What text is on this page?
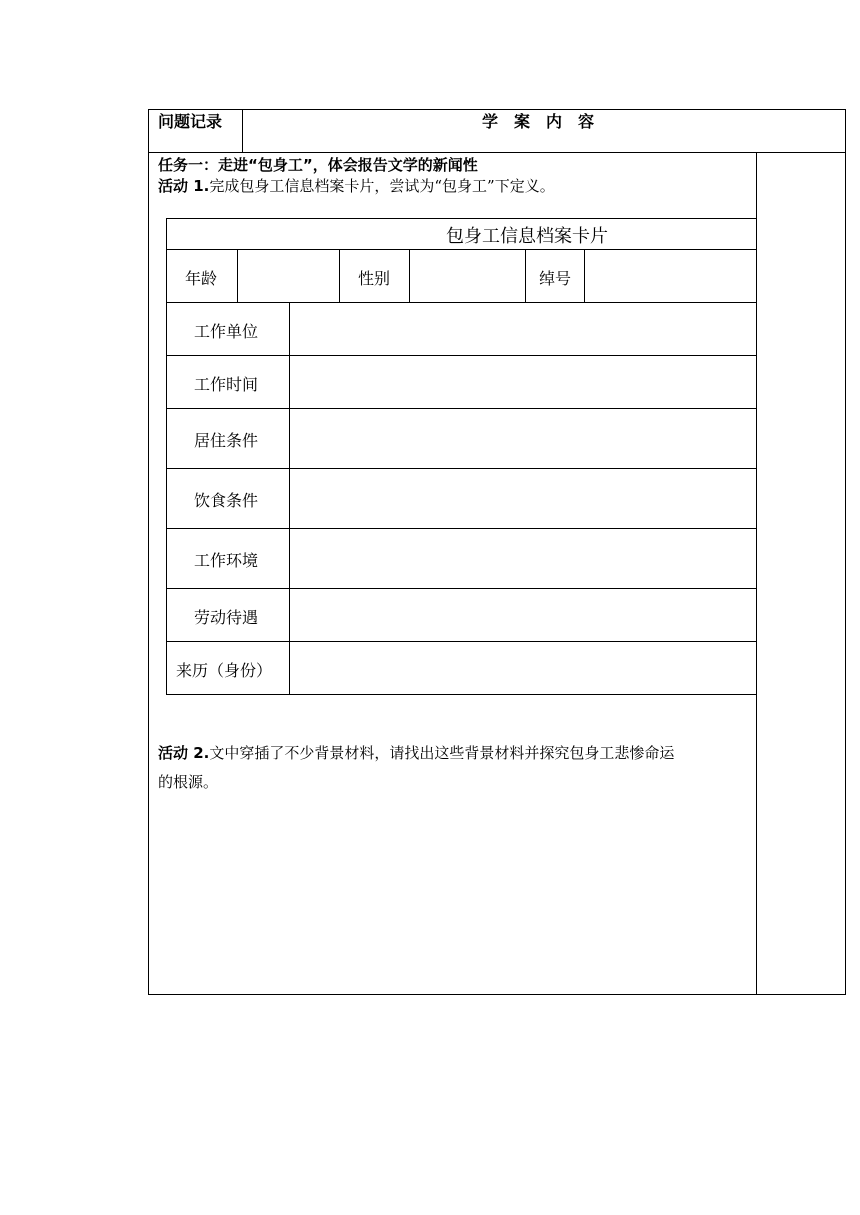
问题记录	学　案　内　容
任务一：走进“包身工”，体会报告文学的新闻性
活动 1.完成包身工信息档案卡片，尝试为“包身工”下定义。
包身工信息档案卡片
年龄	性别	绰号
工作单位
工作时间
居住条件
饮食条件
工作环境
劳动待遇
来历（身份）
活动 2.文中穿插了不少背景材料，请找出这些背景材料并探究包身工悲惨命运
的根源。
